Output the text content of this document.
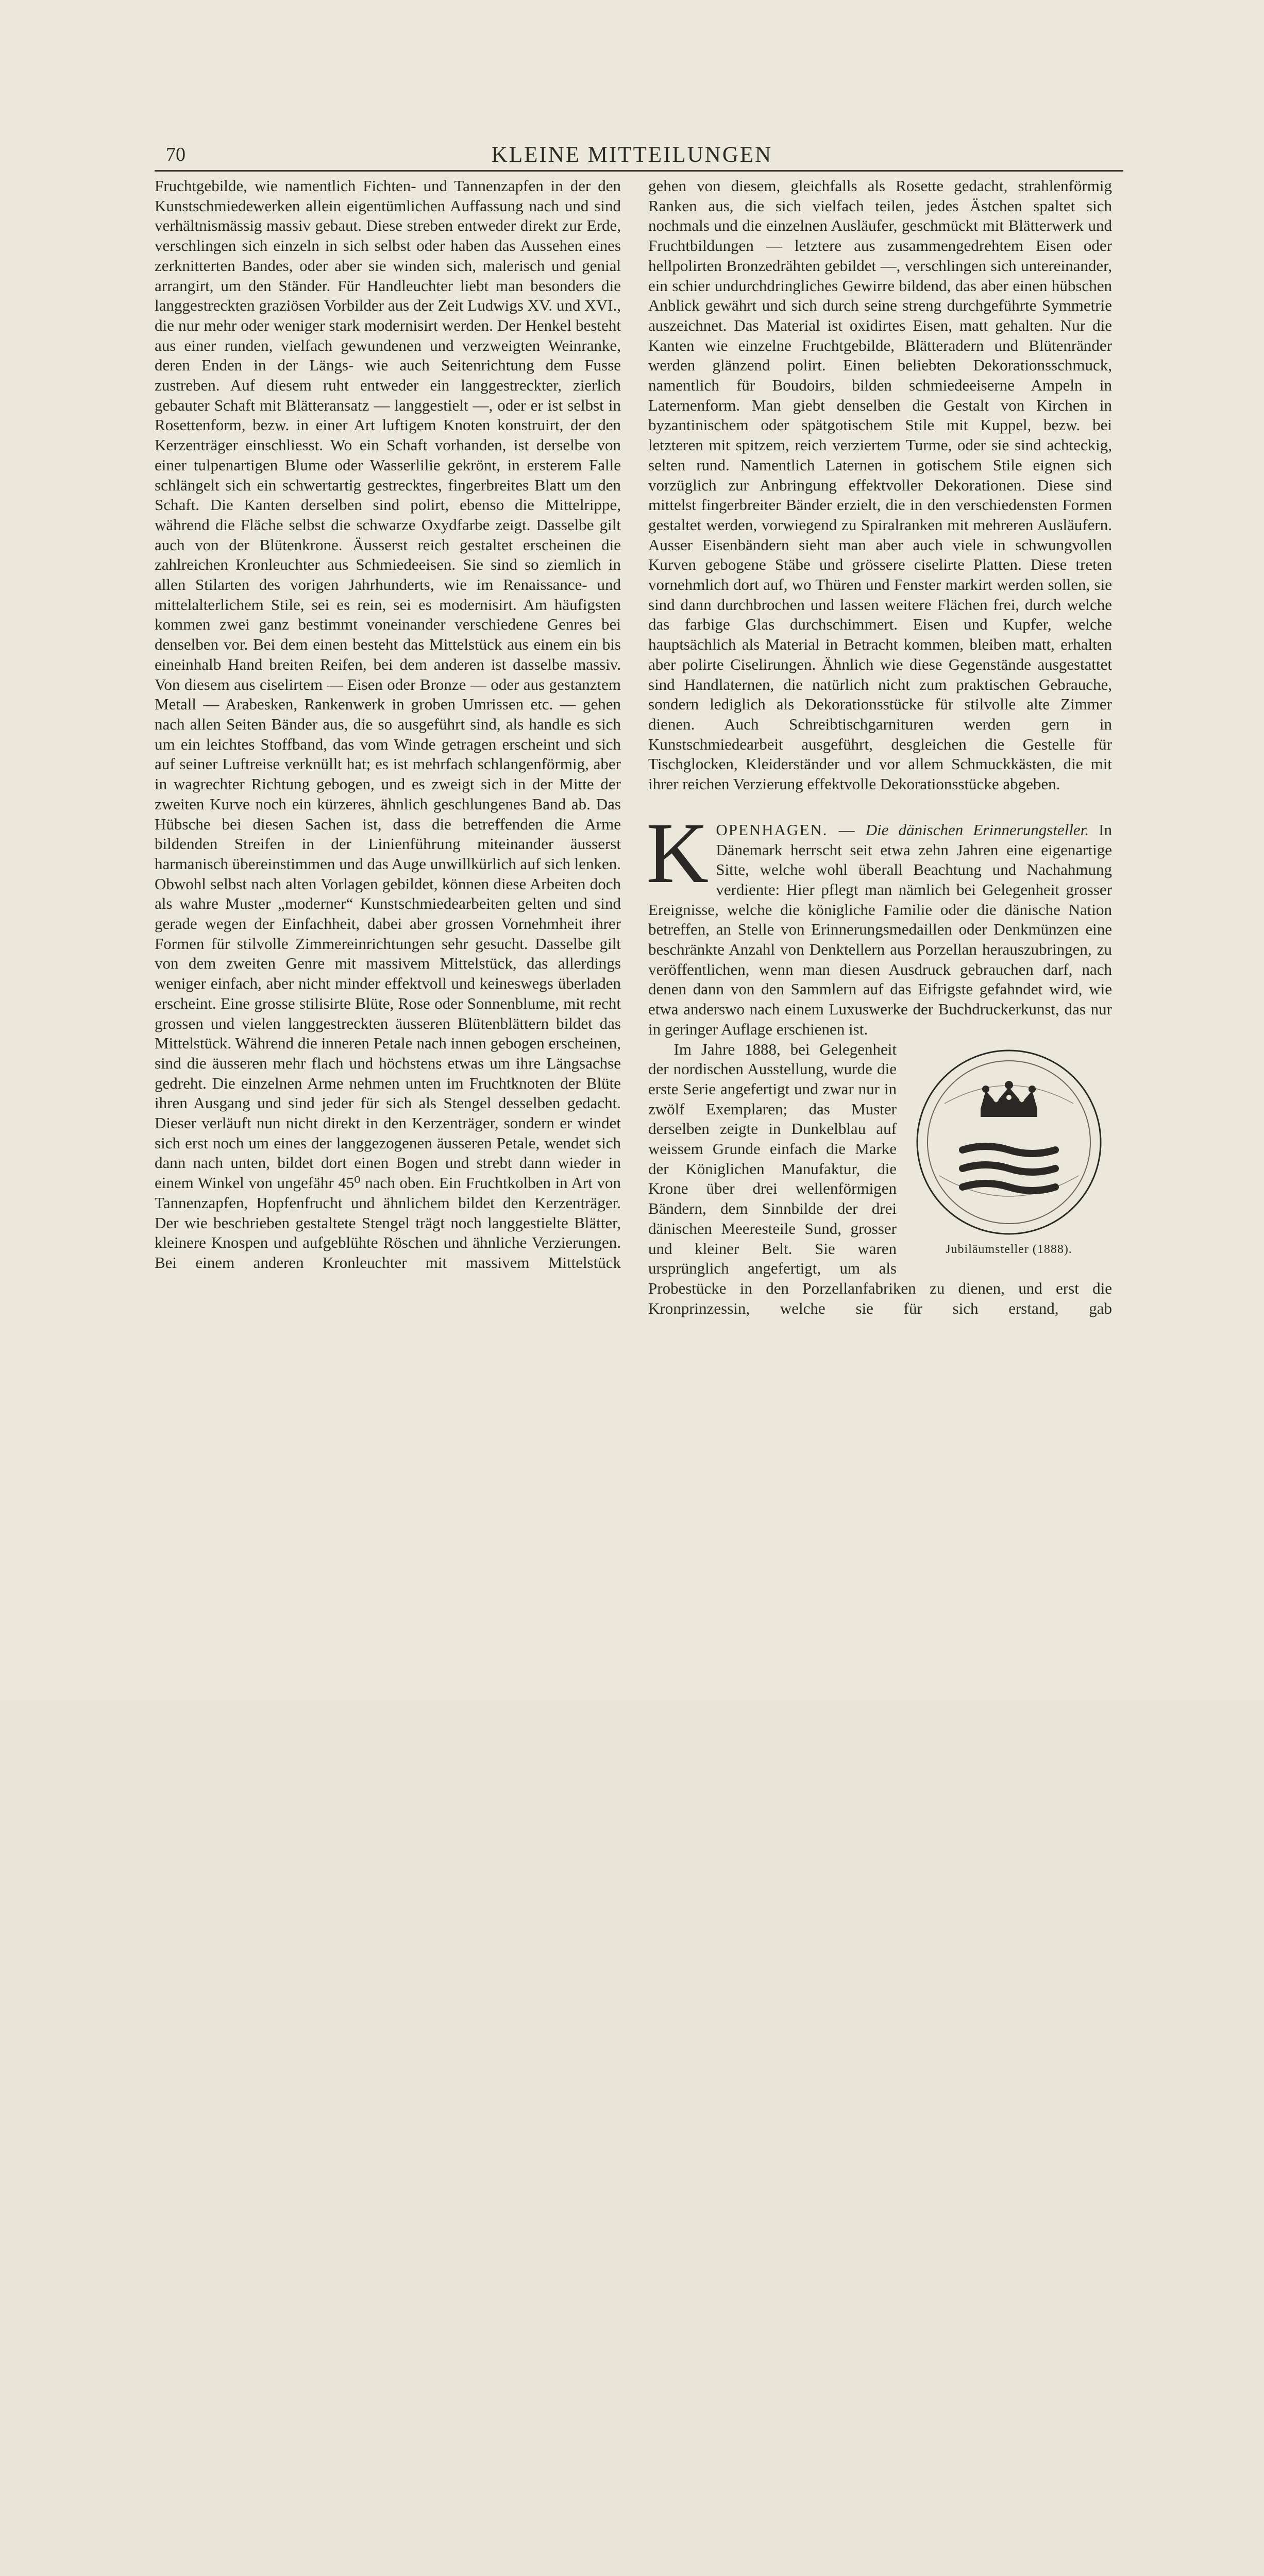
70	KLEINE MITTEILUNGEN

Fruchtgebilde, wie namentlich Fichten- und Tannenzapfen in der den Kunstschmiedewerken allein eigentümlichen Auffassung nach und sind verhältnismässig massiv gebaut. Diese streben entweder direkt zur Erde, verschlingen sich einzeln in sich selbst oder haben das Aussehen eines zerknitterten Bandes, oder aber sie winden sich, malerisch und genial arrangirt, um den Ständer. Für Handleuchter liebt man besonders die langgestreckten graziösen Vorbilder aus der Zeit Ludwigs XV. und XVI., die nur mehr oder weniger stark modernisirt werden. Der Henkel besteht aus einer runden, vielfach gewundenen und verzweigten Weinranke, deren Enden in der Längs- wie auch Seitenrichtung dem Fusse zustreben. Auf diesem ruht entweder ein langgestreckter, zierlich gebauter Schaft mit Blätteransatz — langgestielt —, oder er ist selbst in Rosettenform, bezw. in einer Art luftigem Knoten konstruirt, der den Kerzenträger einschliesst. Wo ein Schaft vorhanden, ist derselbe von einer tulpenartigen Blume oder Wasserlilie gekrönt, in ersterem Falle schlängelt sich ein schwertartig gestrecktes, fingerbreites Blatt um den Schaft. Die Kanten derselben sind polirt, ebenso die Mittelrippe, während die Fläche selbst die schwarze Oxydfarbe zeigt. Dasselbe gilt auch von der Blütenkrone. Äusserst reich gestaltet erscheinen die zahlreichen Kronleuchter aus Schmiedeeisen. Sie sind so ziemlich in allen Stilarten des vorigen Jahrhunderts, wie im Renaissance- und mittelalterlichem Stile, sei es rein, sei es modernisirt. Am häufigsten kommen zwei ganz bestimmt voneinander verschiedene Genres bei denselben vor. Bei dem einen besteht das Mittelstück aus einem ein bis eineinhalb Hand breiten Reifen, bei dem anderen ist dasselbe massiv. Von diesem aus ciselirtem — Eisen oder Bronze — oder aus gestanztem Metall — Arabesken, Rankenwerk in groben Umrissen etc. — gehen nach allen Seiten Bänder aus, die so ausgeführt sind, als handle es sich um ein leichtes Stoffband, das vom Winde getragen erscheint und sich auf seiner Luftreise verknüllt hat; es ist mehrfach schlangenförmig, aber in wagrechter Richtung gebogen, und es zweigt sich in der Mitte der zweiten Kurve noch ein kürzeres, ähnlich geschlungenes Band ab. Das Hübsche bei diesen Sachen ist, dass die betreffenden die Arme bildenden Streifen in der Linienführung miteinander äusserst harmanisch übereinstimmen und das Auge unwillkürlich auf sich lenken. Obwohl selbst nach alten Vorlagen gebildet, können diese Arbeiten doch als wahre Muster „moderner“ Kunstschmiedearbeiten gelten und sind gerade wegen der Einfachheit, dabei aber grossen Vornehmheit ihrer Formen für stilvolle Zimmereinrichtungen sehr gesucht. Dasselbe gilt von dem zweiten Genre mit massivem Mittelstück, das allerdings weniger einfach, aber nicht minder effektvoll und keineswegs überladen erscheint. Eine grosse stilisirte Blüte, Rose oder Sonnenblume, mit recht grossen und vielen langgestreckten äusseren Blütenblättern bildet das Mittelstück. Während die inneren Petale nach innen gebogen erscheinen, sind die äusseren mehr flach und höchstens etwas um ihre Längsachse gedreht. Die einzelnen Arme nehmen unten im Fruchtknoten der Blüte ihren Ausgang und sind jeder für sich als Stengel desselben gedacht. Dieser verläuft nun nicht direkt in den Kerzenträger, sondern er windet sich erst noch um eines der langgezogenen äusseren Petale, wendet sich dann nach unten, bildet dort einen Bogen und strebt dann wieder in einem Winkel von ungefähr 45⁰ nach oben. Ein Fruchtkolben in Art von Tannenzapfen, Hopfenfrucht und ähnlichem bildet den Kerzenträger. Der wie beschrieben gestaltete Stengel trägt noch langgestielte Blätter, kleinere Knospen und aufgeblühte Röschen und ähnliche Verzierungen. Bei einem anderen Kronleuchter mit massivem Mittelstück

gehen von diesem, gleichfalls als Rosette gedacht, strahlenförmig Ranken aus, die sich vielfach teilen, jedes Ästchen spaltet sich nochmals und die einzelnen Ausläufer, geschmückt mit Blätterwerk und Fruchtbildungen — letztere aus zusammengedrehtem Eisen oder hellpolirten Bronzedrähten gebildet —, verschlingen sich untereinander, ein schier undurchdringliches Gewirre bildend, das aber einen hübschen Anblick gewährt und sich durch seine streng durchgeführte Symmetrie auszeichnet. Das Material ist oxidirtes Eisen, matt gehalten. Nur die Kanten wie einzelne Fruchtgebilde, Blätteradern und Blütenränder werden glänzend polirt. Einen beliebten Dekorationsschmuck, namentlich für Boudoirs, bilden schmiedeeiserne Ampeln in Laternenform. Man giebt denselben die Gestalt von Kirchen in byzantinischem oder spätgotischem Stile mit Kuppel, bezw. bei letzteren mit spitzem, reich verziertem Turme, oder sie sind achteckig, selten rund. Namentlich Laternen in gotischem Stile eignen sich vorzüglich zur Anbringung effektvoller Dekorationen. Diese sind mittelst fingerbreiter Bänder erzielt, die in den verschiedensten Formen gestaltet werden, vorwiegend zu Spiralranken mit mehreren Ausläufern. Ausser Eisenbändern sieht man aber auch viele in schwungvollen Kurven gebogene Stäbe und grössere ciselirte Platten. Diese treten vornehmlich dort auf, wo Thüren und Fenster markirt werden sollen, sie sind dann durchbrochen und lassen weitere Flächen frei, durch welche das farbige Glas durchschimmert. Eisen und Kupfer, welche hauptsächlich als Material in Betracht kommen, bleiben matt, erhalten aber polirte Ciselirungen. Ähnlich wie diese Gegenstände ausgestattet sind Handlaternen, die natürlich nicht zum praktischen Gebrauche, sondern lediglich als Dekorationsstücke für stilvolle alte Zimmer dienen. Auch Schreibtischgarnituren werden gern in Kunstschmiedearbeit ausgeführt, desgleichen die Gestelle für Tischglocken, Kleiderständer und vor allem Schmuckkästen, die mit ihrer reichen Verzierung effektvolle Dekorationsstücke abgeben.

K OPENHAGEN. — Die dänischen Erinnerungsteller. In Dänemark herrscht seit etwa zehn Jahren eine eigenartige Sitte, welche wohl überall Beachtung und Nachahmung verdiente: Hier pflegt man nämlich bei Gelegenheit grosser Ereignisse, welche die königliche Familie oder die dänische Nation betreffen, an Stelle von Erinnerungsmedaillen oder Denkmünzen eine beschränkte Anzahl von Denktellern aus Porzellan herauszubringen, zu veröffentlichen, wenn man diesen Ausdruck gebrauchen darf, nach denen dann von den Sammlern auf das Eifrigste gefahndet wird, wie etwa anderswo nach einem Luxuswerke der Buchdruckerkunst, das nur in geringer Auflage erschienen ist.

Jubiläumsteller (1888).

Im Jahre 1888, bei Gelegenheit der nordischen Ausstellung, wurde die erste Serie angefertigt und zwar nur in zwölf Exemplaren; das Muster derselben zeigte in Dunkelblau auf weissem Grunde einfach die Marke der Königlichen Manufaktur, die Krone über drei wellenförmigen Bändern, dem Sinnbilde der drei dänischen Meeresteile Sund, grosser und kleiner Belt. Sie waren ursprünglich angefertigt, um als Probestücke in den Porzellanfabriken zu dienen, und erst die Kronprinzessin, welche sie für sich erstand, gab
